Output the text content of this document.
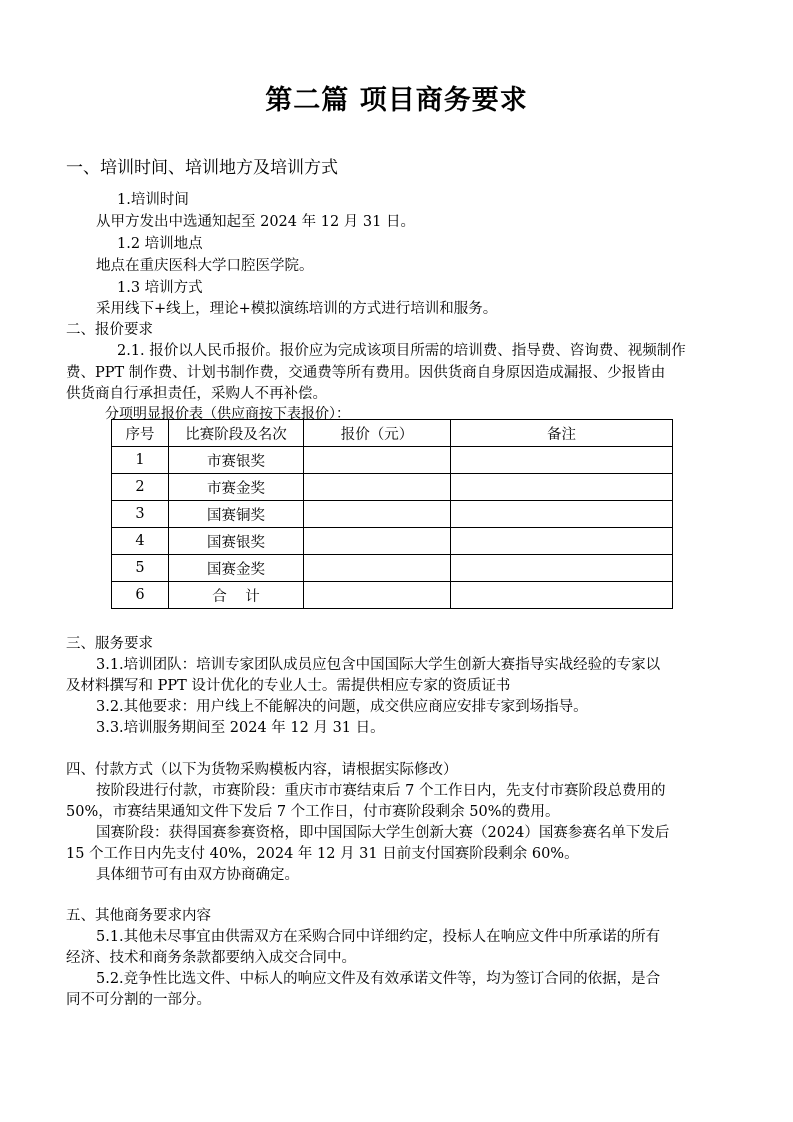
第二篇 项目商务要求
一、培训时间、培训地方及培训方式
1.培训时间
从甲方发出中选通知起至 2024 年 12 月 31 日。
1.2 培训地点
地点在重庆医科大学口腔医学院。
1.3 培训方式
采用线下+线上，理论+模拟演练培训的方式进行培训和服务。
二、报价要求
2.1. 报价以人民币报价。报价应为完成该项目所需的培训费、指导费、咨询费、视频制作
费、PPT 制作费、计划书制作费，交通费等所有费用。因供货商自身原因造成漏报、少报皆由
供货商自行承担责任，采购人不再补偿。
分项明显报价表（供应商按下表报价）：
序号	比赛阶段及名次	报价（元）	备注
1	市赛银奖		
2	市赛金奖		
3	国赛铜奖		
4	国赛银奖		
5	国赛金奖		
6	合    计		
三、服务要求
3.1.培训团队：培训专家团队成员应包含中国国际大学生创新大赛指导实战经验的专家以
及材料撰写和 PPT 设计优化的专业人士。需提供相应专家的资质证书
3.2.其他要求：用户线上不能解决的问题，成交供应商应安排专家到场指导。
3.3.培训服务期间至 2024 年 12 月 31 日。
四、付款方式（以下为货物采购模板内容，请根据实际修改）
按阶段进行付款，市赛阶段：重庆市市赛结束后 7 个工作日内，先支付市赛阶段总费用的
50%，市赛结果通知文件下发后 7 个工作日，付市赛阶段剩余 50%的费用。
国赛阶段：获得国赛参赛资格，即中国国际大学生创新大赛（2024）国赛参赛名单下发后
15 个工作日内先支付 40%，2024 年 12 月 31 日前支付国赛阶段剩余 60%。
具体细节可有由双方协商确定。
五、其他商务要求内容
5.1.其他未尽事宜由供需双方在采购合同中详细约定，投标人在响应文件中所承诺的所有
经济、技术和商务条款都要纳入成交合同中。
5.2.竞争性比选文件、中标人的响应文件及有效承诺文件等，均为签订合同的依据，是合
同不可分割的一部分。
